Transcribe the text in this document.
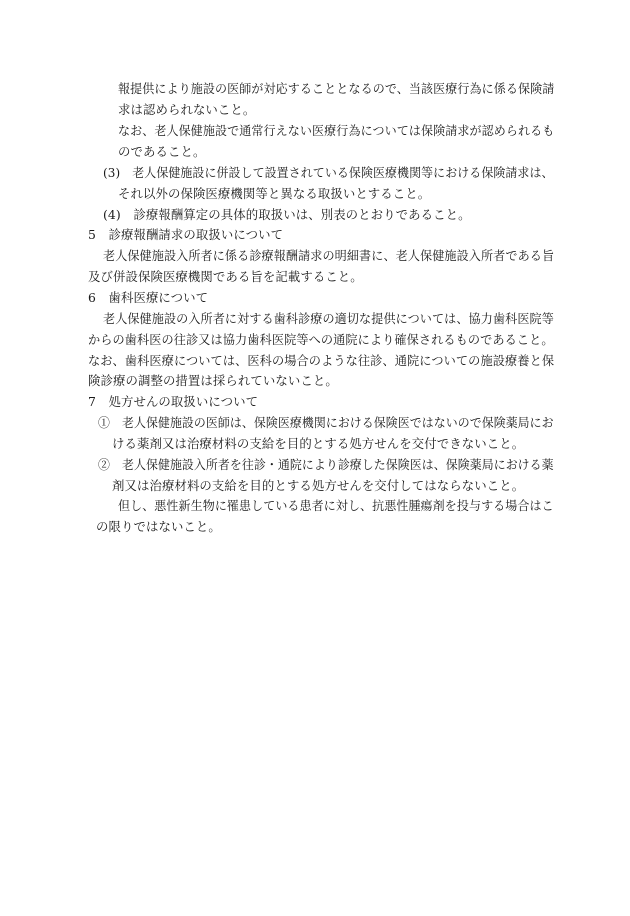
報提供により施設の医師が対応することとなるので、当該医療行為に係る保険請
求は認められないこと。
なお、老人保健施設で通常行えない医療行為については保険請求が認められるも
のであること。
(3)　老人保健施設に併設して設置されている保険医療機関等における保険請求は、
それ以外の保険医療機関等と異なる取扱いとすること。
(4)　診療報酬算定の具体的取扱いは、別表のとおりであること。
5　診療報酬請求の取扱いについて
老人保健施設入所者に係る診療報酬請求の明細書に、老人保健施設入所者である旨
及び併設保険医療機関である旨を記載すること。
6　歯科医療について
老人保健施設の入所者に対する歯科診療の適切な提供については、協力歯科医院等
からの歯科医の往診又は協力歯科医院等への通院により確保されるものであること。
なお、歯科医療については、医科の場合のような往診、通院についての施設療養と保
険診療の調整の措置は採られていないこと。
7　処方せんの取扱いについて
①　老人保健施設の医師は、保険医療機関における保険医ではないので保険薬局にお
ける薬剤又は治療材料の支給を目的とする処方せんを交付できないこと。
②　老人保健施設入所者を往診・通院により診療した保険医は、保険薬局における薬
剤又は治療材料の支給を目的とする処方せんを交付してはならないこと。
但し、悪性新生物に罹患している患者に対し、抗悪性腫瘍剤を投与する場合はこ
の限りではないこと。
